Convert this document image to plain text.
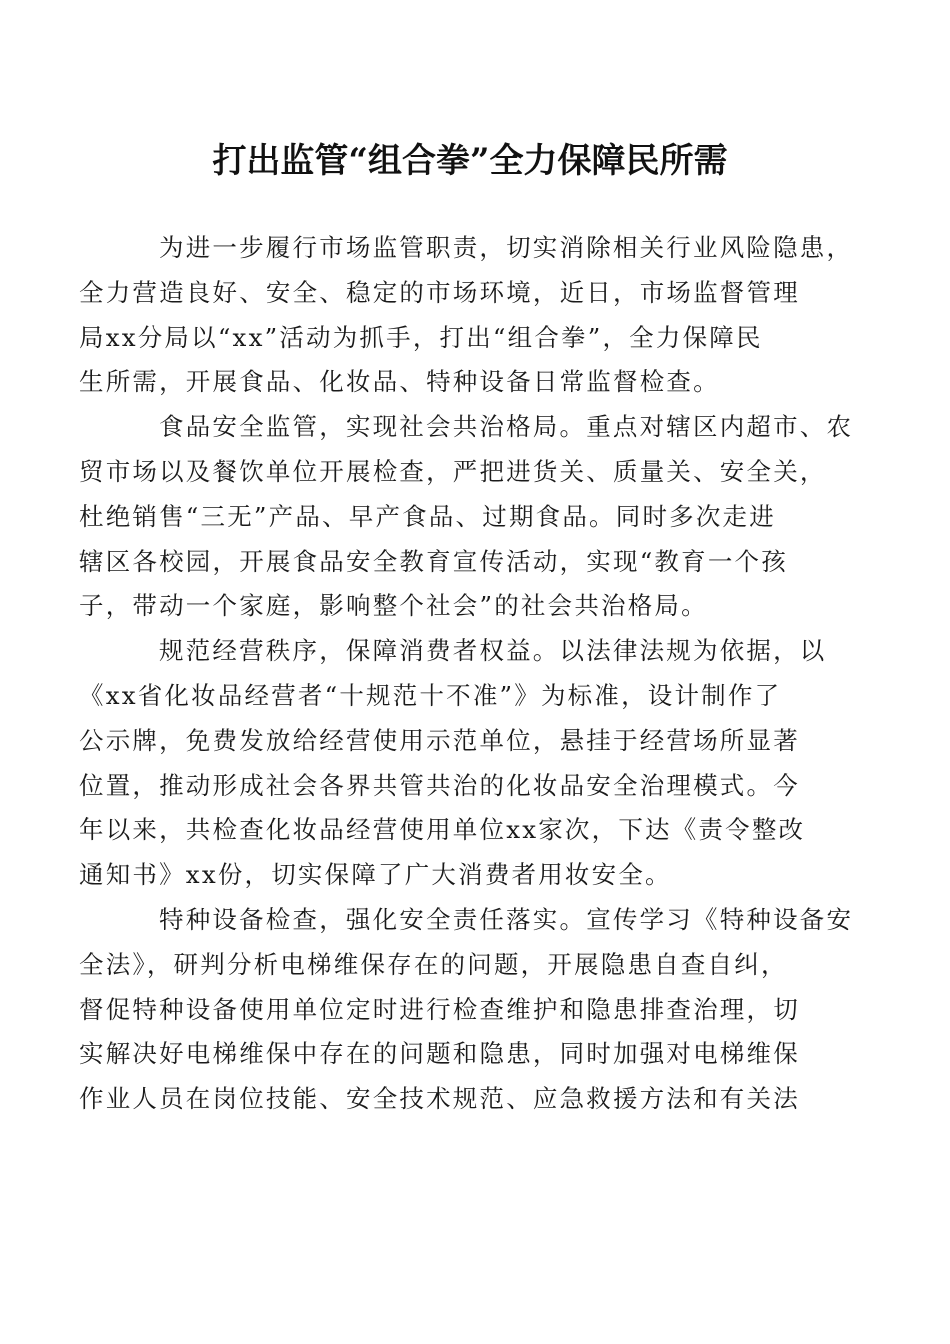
打出监管“组合拳”全力保障民所需

为进一步履行市场监管职责，切实消除相关行业风险隐患，
全力营造良好、安全、稳定的市场环境，近日，市场监督管理
局xx分局以“xx”活动为抓手，打出“组合拳”，全力保障民
生所需，开展食品、化妆品、特种设备日常监督检查。

食品安全监管，实现社会共治格局。重点对辖区内超市、农
贸市场以及餐饮单位开展检查，严把进货关、质量关、安全关，
杜绝销售“三无”产品、早产食品、过期食品。同时多次走进
辖区各校园，开展食品安全教育宣传活动，实现“教育一个孩
子，带动一个家庭，影响整个社会”的社会共治格局。

规范经营秩序，保障消费者权益。以法律法规为依据，以
《xx省化妆品经营者“十规范十不准”》为标准，设计制作了
公示牌，免费发放给经营使用示范单位，悬挂于经营场所显著
位置，推动形成社会各界共管共治的化妆品安全治理模式。今
年以来，共检查化妆品经营使用单位xx家次，下达《责令整改
通知书》xx份，切实保障了广大消费者用妆安全。

特种设备检查，强化安全责任落实。宣传学习《特种设备安
全法》，研判分析电梯维保存在的问题，开展隐患自查自纠，
督促特种设备使用单位定时进行检查维护和隐患排查治理，切
实解决好电梯维保中存在的问题和隐患，同时加强对电梯维保
作业人员在岗位技能、安全技术规范、应急救援方法和有关法
